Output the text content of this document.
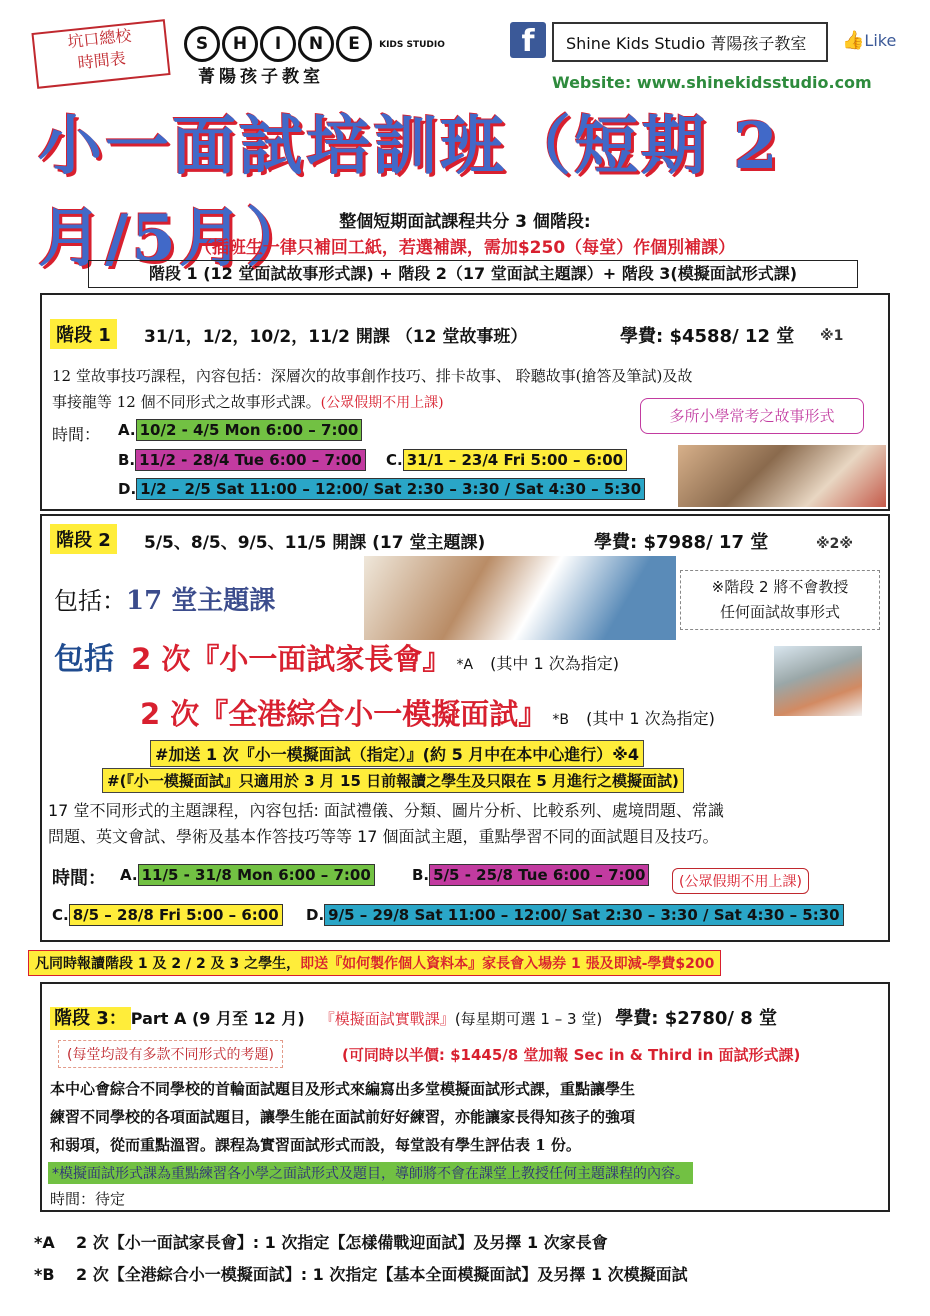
坑口總校
時間表
S H I N E KIDS STUDIO
菁陽孩子教室
f	Shine Kids Studio 菁陽孩子教室	👍Like
Website: www.shinekidsstudio.com
小一面試培訓班（短期 2月/5月）	整個短期面試課程共分 3 個階段:
（插班生一律只補回工紙，若選補課，需加$250（每堂）作個別補課）
階段 1 (12 堂面試故事形式課) + 階段 2（17 堂面試主題課）+ 階段 3(模擬面試形式課)
階段 1	31/1，1/2，10/2，11/2 開課 （12 堂故事班）	學費: $4588/ 12 堂 ※1
12 堂故事技巧課程，內容包括：深層次的故事創作技巧、排卡故事、 聆聽故事(搶答及筆試)及故
事接龍等 12 個不同形式之故事形式課。(公眾假期不用上課)
多所小學常考之故事形式
時間： A. 10/2 - 4/5 Mon 6:00 – 7:00
B. 11/2 - 28/4 Tue 6:00 – 7:00 C. 31/1 – 23/4 Fri 5:00 – 6:00
D. 1/2 – 2/5 Sat 11:00 – 12:00/ Sat 2:30 – 3:30 / Sat 4:30 – 5:30
階段 2	5/5、8/5、9/5、11/5 開課 (17 堂主題課)	學費: $7988/ 17 堂	※2※
包括：17 堂主題課	※階段 2 將不會教授
任何面試故事形式
包括 2 次『小一面試家長會』 *A (其中 1 次為指定)
2 次『全港綜合小一模擬面試』 *B (其中 1 次為指定)
#加送 1 次『小一模擬面試（指定）』(約 5 月中在本中心進行）※4
#(『小一模擬面試』只適用於 3 月 15 日前報讀之學生及只限在 5 月進行之模擬面試)
17 堂不同形式的主題課程，內容包括: 面試禮儀、分類、圖片分析、比較系列、處境問題、常識
問題、英文會試、學術及基本作答技巧等等 17 個面試主題，重點學習不同的面試題目及技巧。
時間： A. 11/5 - 31/8 Mon 6:00 – 7:00	B. 5/5 - 25/8 Tue 6:00 – 7:00	(公眾假期不用上課)
C. 8/5 – 28/8 Fri 5:00 – 6:00 D. 9/5 – 29/8 Sat 11:00 – 12:00/ Sat 2:30 – 3:30 / Sat 4:30 – 5:30
凡同時報讀階段 1 及 2 / 2 及 3 之學生，即送『如何製作個人資料本』家長會入場券 1 張及即減-學費$200
階段 3： Part A (9 月至 12 月) 『模擬面試實戰課』(每星期可選 1 – 3 堂) 學費: $2780/ 8 堂
(每堂均設有多款不同形式的考題)	(可同時以半價: $1445/8 堂加報 Sec in & Third in 面試形式課)
本中心會綜合不同學校的首輪面試題目及形式來編寫出多堂模擬面試形式課，重點讓學生
練習不同學校的各項面試題目，讓學生能在面試前好好練習，亦能讓家長得知孩子的強項
和弱項，從而重點溫習。課程為實習面試形式而設，每堂設有學生評估表 1 份。
*模擬面試形式課為重點練習各小學之面試形式及題目，導師將不會在課堂上教授任何主題課程的內容。
時間：待定
*A 2 次【小一面試家長會】: 1 次指定【怎樣備戰迎面試】及另擇 1 次家長會
*B 2 次【全港綜合小一模擬面試】: 1 次指定【基本全面模擬面試】及另擇 1 次模擬面試
